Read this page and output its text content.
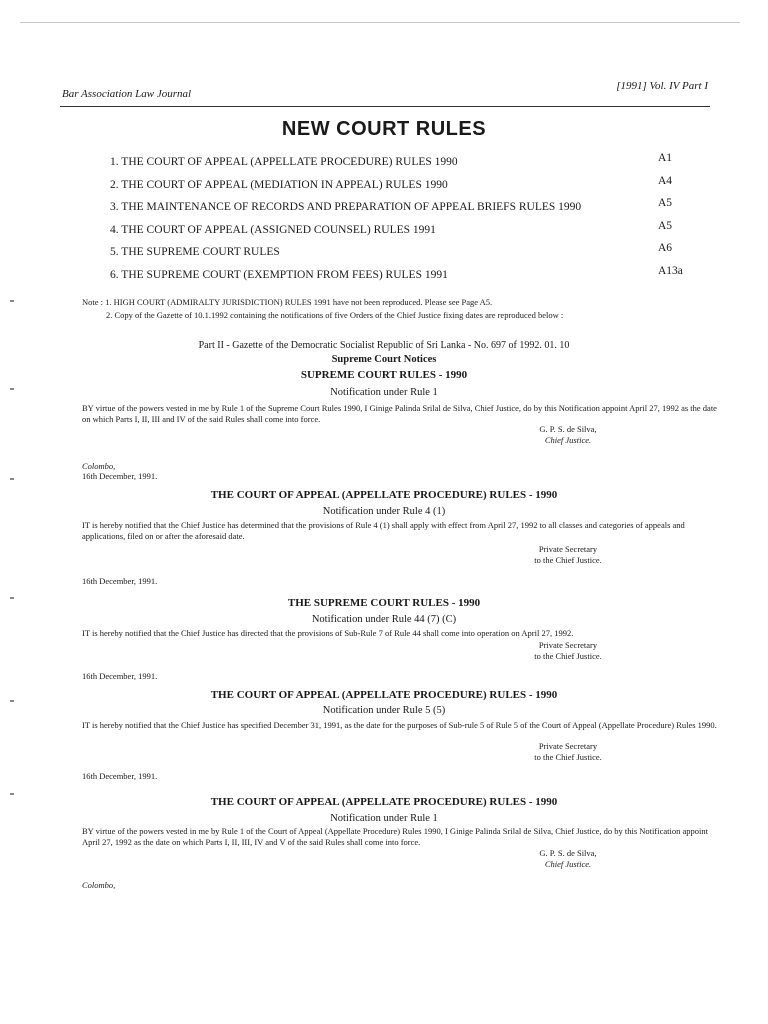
Bar Association Law Journal
[1991] Vol. IV Part I
NEW COURT RULES
1. THE COURT OF APPEAL (APPELLATE PROCEDURE) RULES 1990	A1
2. THE COURT OF APPEAL (MEDIATION IN APPEAL) RULES 1990	A4
3. THE MAINTENANCE OF RECORDS AND PREPARATION OF APPEAL BRIEFS RULES 1990	A5
4. THE COURT OF APPEAL (ASSIGNED COUNSEL) RULES 1991	A5
5. THE SUPREME COURT RULES	A6
6. THE SUPREME COURT (EXEMPTION FROM FEES) RULES 1991	A13a
Note : 1. HIGH COURT (ADMIRALTY JURISDICTION) RULES 1991 have not been reproduced. Please see Page A5.
2. Copy of the Gazette of 10.1.1992 containing the notifications of five Orders of the Chief Justice fixing dates are reproduced below :
Part II - Gazette of the Democratic Socialist Republic of Sri Lanka - No. 697 of 1992. 01. 10
Supreme Court Notices
SUPREME COURT RULES - 1990
Notification under Rule 1
BY virtue of the powers vested in me by Rule 1 of the Supreme Court Rules 1990, I Ginige Palinda Srilal de Silva, Chief Justice, do by this Notification appoint April 27, 1992 as the date on which Parts I, II, III and IV of the said Rules shall come into force.
G. P. S. de Silva,
Chief Justice.
Colombo,
16th December, 1991.
THE COURT OF APPEAL (APPELLATE PROCEDURE) RULES - 1990
Notification under Rule 4 (1)
IT is hereby notified that the Chief Justice has determined that the provisions of Rule 4 (1) shall apply with effect from April 27, 1992 to all classes and categories of appeals and applications, filed on or after the aforesaid date.
Private Secretary
to the Chief Justice.
16th December, 1991.
THE SUPREME COURT RULES - 1990
Notification under Rule 44 (7) (C)
IT is hereby notified that the Chief Justice has directed that the provisions of Sub-Rule 7 of Rule 44 shall come into operation on April 27, 1992.
Private Secretary
to the Chief Justice.
16th December, 1991.
THE COURT OF APPEAL (APPELLATE PROCEDURE) RULES - 1990
Notification under Rule 5 (5)
IT is hereby notified that the Chief Justice has specified December 31, 1991, as the date for the purposes of Sub-rule 5 of Rule 5 of the Court of Appeal (Appellate Procedure) Rules 1990.
Private Secretary
to the Chief Justice.
16th December, 1991.
THE COURT OF APPEAL (APPELLATE PROCEDURE) RULES - 1990
Notification under Rule 1
BY virtue of the powers vested in me by Rule 1 of the Court of Appeal (Appellate Procedure) Rules 1990, I Ginige Palinda Srilal de Silva, Chief Justice, do by this Notification appoint April 27, 1992 as the date on which Parts I, II, III, IV and V of the said Rules shall come into force.
G. P. S. de Silva,
Chief Justice.
Colombo,
